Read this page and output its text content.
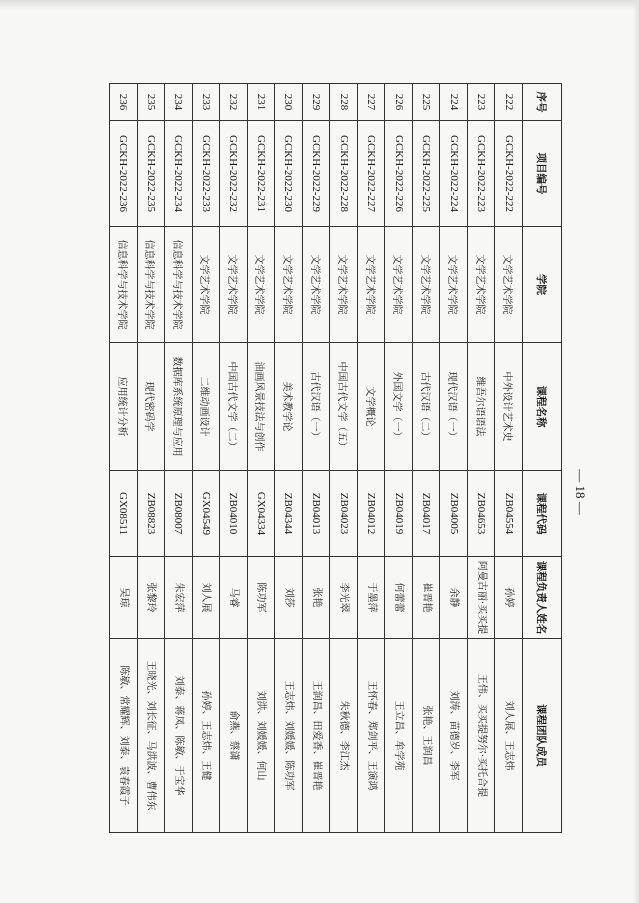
序号	项目编号	学院	课程名称	课程代码	课程负责人姓名	课程团队成员
222	GCKH-2022-222	文学艺术学院	中外设计艺术史	ZB04554	孙婷	刘人展、王志炜
223	GCKH-2022-223	文学艺术学院	维吾尔语语法	ZB04653	阿曼古丽·买买提	王伟、买买提努尔·买托合提
224	GCKH-2022-224	文学艺术学院	现代汉语（一）	ZB04005	余静	刘涛、苗德岁、李军
225	GCKH-2022-225	文学艺术学院	古代汉语（二）	ZB04017	崔晋艳	张艳、王润昌
226	GCKH-2022-226	文学艺术学院	外国文学（一）	ZB04019	何蕾蕾	王立昌、牟学苑
227	GCKH-2022-227	文学艺术学院	文学概论	ZB04012	于墨萍	王怀春、郑剑平、王演鸿
228	GCKH-2022-228	文学艺术学院	中国古代文学（五）	ZB04023	李光翠	朱秋德、李江杰
229	GCKH-2022-229	文学艺术学院	古代汉语（一）	ZB04013	张艳	王润昌、田爱香、崔晋艳
230	GCKH-2022-230	文学艺术学院	美术教学论	ZB04344	刘莎	王志炜、刘媛媛、陈功军
231	GCKH-2022-231	文学艺术学院	油画风景技法与创作	GX04334	陈功军	刘洪、刘媛媛、何山
232	GCKH-2022-232	文学艺术学院	中国古代文学（二）	ZB04010	马睿	俞燕、蔡潇
233	GCKH-2022-233	文学艺术学院	二维动画设计	GX04549	刘人展	孙婷、王志炜、王健
234	GCKH-2022-234	信息科学与技术学院	数据库系统原理与应用	ZB08007	朱宏萍	刘泰、蒋凤、陈敏、于宝华
235	GCKH-2022-235	信息科学与技术学院	现代密码学	ZB08823	张黎玲	王晓光、刘长征、马洪波、曹伟东
236	GCKH-2022-236	信息科学与技术学院	应用统计分析	GX08511	吴琼	陈敏、常耀辉、刘泰、袁春霞子
— 18 —
